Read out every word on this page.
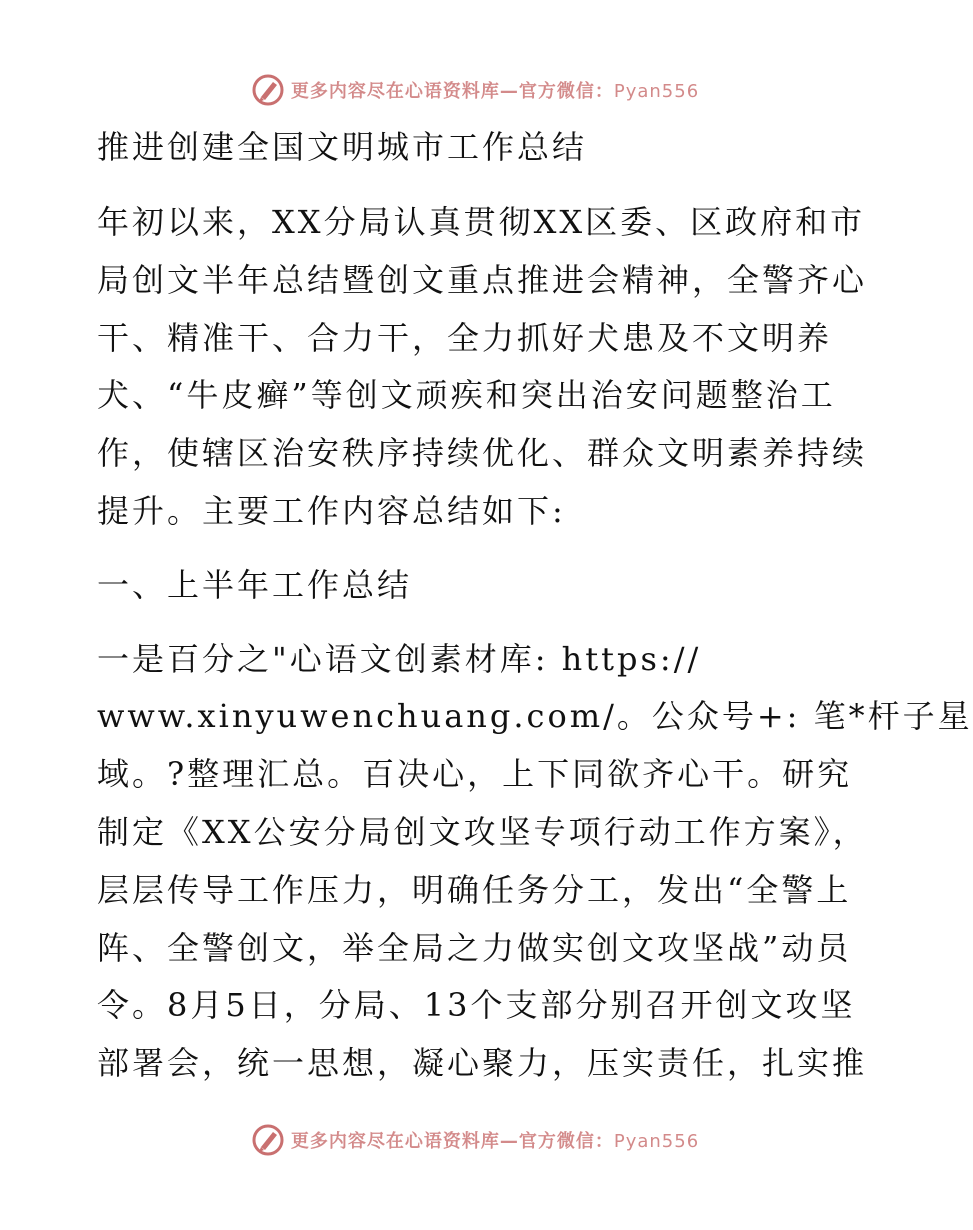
更多内容尽在心语资料库—官方微信：Pyan556
推进创建全国文明城市工作总结
年初以来，XX分局认真贯彻XX区委、区政府和市
局创文半年总结暨创文重点推进会精神，全警齐心
干、精准干、合力干，全力抓好犬患及不文明养
犬、“牛皮癣”等创文顽疾和突出治安问题整治工
作，使辖区治安秩序持续优化、群众文明素养持续
提升。主要工作内容总结如下:
一、上半年工作总结
一是百分之"心语文创素材库: https://
www.xinyuwenchuang.com/。公众号+: 笔*杆子星
域。?整理汇总。百决心，上下同欲齐心干。研究
制定《XX公安分局创文攻坚专项行动工作方案》，
层层传导工作压力，明确任务分工，发出“全警上
阵、全警创文，举全局之力做实创文攻坚战”动员
令。8月5日，分局、13个支部分别召开创文攻坚
部署会，统一思想，凝心聚力，压实责任，扎实推
更多内容尽在心语资料库—官方微信：Pyan556
